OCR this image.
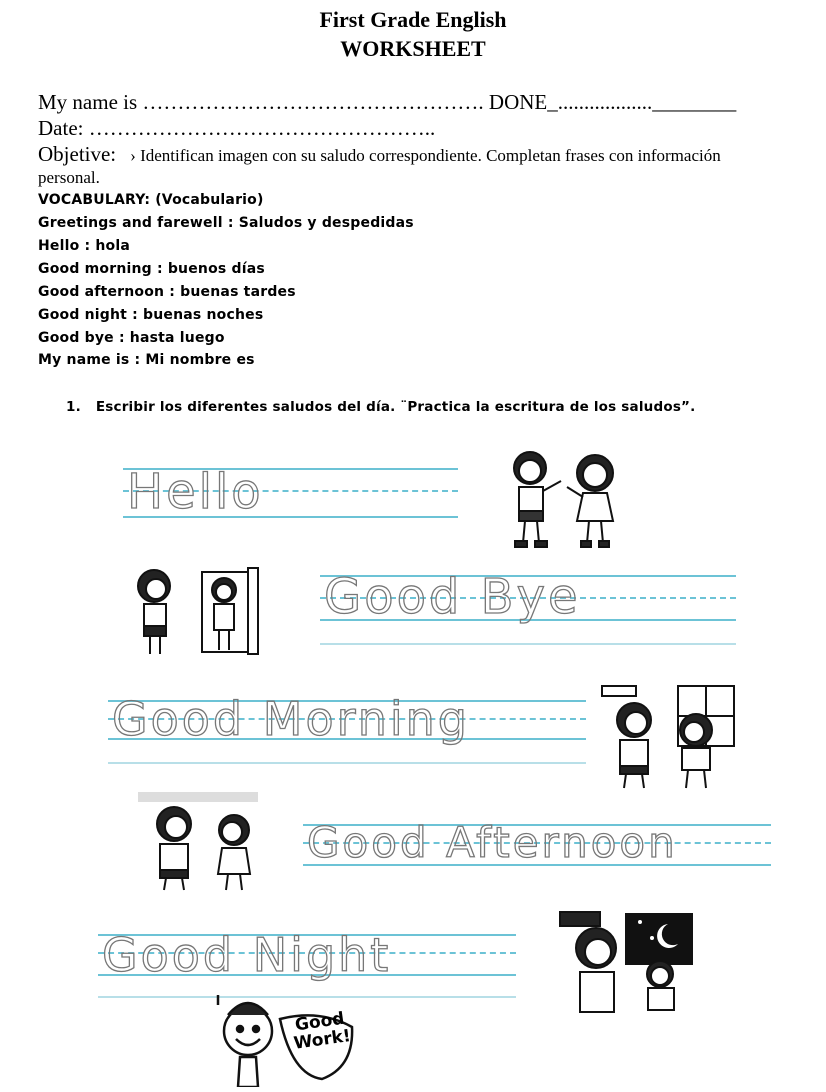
First Grade English
WORKSHEET
My name is …………………………………………. DONE_..................________
Date: …………………………………………..
Objetive: › Identifican imagen con su saludo correspondiente. Completan frases con información
personal.
VOCABULARY: (Vocabulario)
Greetings and farewell : Saludos y despedidas
Hello : hola
Good morning : buenos días
Good afternoon : buenas tardes
Good night : buenas noches
Good bye : hasta luego
My name is : Mi nombre es
1. Escribir los diferentes saludos del día. ¨Practica la escritura de los saludos”.
Hello
Good Bye
Good Morning
Good Afternoon
Good Night
Good Work!
